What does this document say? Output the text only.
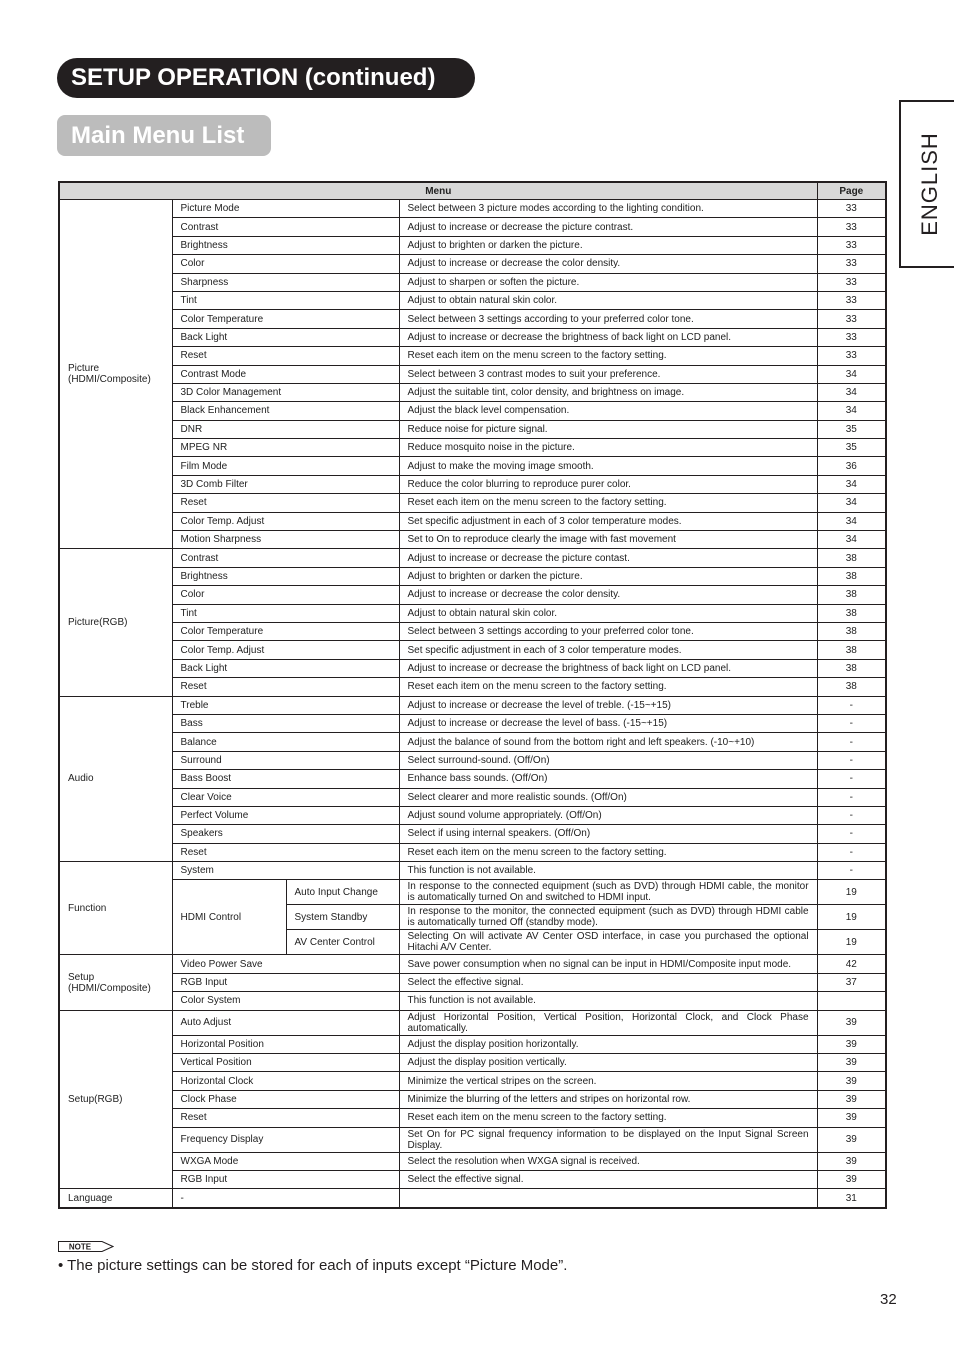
SETUP OPERATION (continued)
Main Menu List	ENGLISH
Menu				Page
Picture
(HDMI/Composite)	Picture Mode		Select between 3 picture modes according to the lighting condition.	33
	Contrast		Adjust to increase or decrease the picture contrast.	33
	Brightness		Adjust to brighten or darken the picture.	33
	Color		Adjust to increase or decrease the color density.	33
	Sharpness		Adjust to sharpen or soften the picture.	33
	Tint		Adjust to obtain natural skin color.	33
	Color Temperature		Select between 3 settings according to your preferred color tone.	33
	Back Light		Adjust to increase or decrease the brightness of back light on LCD panel.	33
	Reset		Reset each item on the menu screen to the factory setting.	33
	Contrast Mode		Select between 3 contrast modes to suit your preference.	34
	3D Color Management		Adjust the suitable tint, color density, and brightness on image.	34
	Black Enhancement		Adjust the black level compensation.	34
	DNR		Reduce noise for picture signal.	35
	MPEG NR		Reduce mosquito noise in the picture.	35
	Film Mode		Adjust to make the moving image smooth.	36
	3D Comb Filter		Reduce the color blurring to reproduce purer color.	34
	Reset		Reset each item on the menu screen to the factory setting.	34
	Color Temp. Adjust		Set specific adjustment in each of 3 color temperature modes.	34
	Motion Sharpness		Set to On to reproduce clearly the image with fast movement	34
Picture(RGB)	Contrast		Adjust to increase or decrease the picture contast.	38
	Brightness		Adjust to brighten or darken the picture.	38
	Color		Adjust to increase or decrease the color density.	38
	Tint		Adjust to obtain natural skin color.	38
	Color Temperature		Select between 3 settings according to your preferred color tone.	38
	Color Temp. Adjust		Set specific adjustment in each of 3 color temperature modes.	38
	Back Light		Adjust to increase or decrease the brightness of back light on LCD panel.	38
	Reset		Reset each item on the menu screen to the factory setting.	38
Audio	Treble		Adjust to increase or decrease the level of treble. (-15~+15)	-
	Bass		Adjust to increase or decrease the level of bass. (-15~+15)	-
	Balance		Adjust the balance of sound from the bottom right and left speakers. (-10~+10)	-
	Surround		Select surround-sound. (Off/On)	-
	Bass Boost		Enhance bass sounds. (Off/On)	-
	Clear Voice		Select clearer and more realistic sounds. (Off/On)	-
	Perfect Volume		Adjust sound volume appropriately. (Off/On)	-
	Speakers		Select if using internal speakers. (Off/On)	-
	Reset		Reset each item on the menu screen to the factory setting.	-
Function	System		This function is not available.	-
	HDMI Control	Auto Input Change	In response to the connected equipment (such as DVD) through HDMI cable, the monitor is automatically turned On and switched to HDMI input.	19
		System Standby	In response to the monitor, the connected equipment (such as DVD) through HDMI cable is automatically turned Off (standby mode).	19
		AV Center Control	Selecting On will activate AV Center OSD interface, in case you purchased the optional Hitachi A/V Center.	19
Setup
(HDMI/Composite)	Video Power Save		Save power consumption when no signal can be input in HDMI/Composite input mode.	42
	RGB Input		Select the effective signal.	37
	Color System		This function is not available.	
Setup(RGB)	Auto Adjust		Adjust Horizontal Position, Vertical Position, Horizontal Clock, and Clock Phase automatically.	39
	Horizontal Position		Adjust the display position horizontally.	39
	Vertical Position		Adjust the display position vertically.	39
	Horizontal Clock		Minimize the vertical stripes on the screen.	39
	Clock Phase		Minimize the blurring of the letters and stripes on horizontal row.	39
	Reset		Reset each item on the menu screen to the factory setting.	39
	Frequency Display		Set On for PC signal frequency information to be displayed on the Input Signal Screen Display.	39
	WXGA Mode		Select the resolution when WXGA signal is received.	39
	RGB Input		Select the effective signal.	39
Language	-			31
NOTE
• The picture settings can be stored for each of inputs except “Picture Mode”.
32
